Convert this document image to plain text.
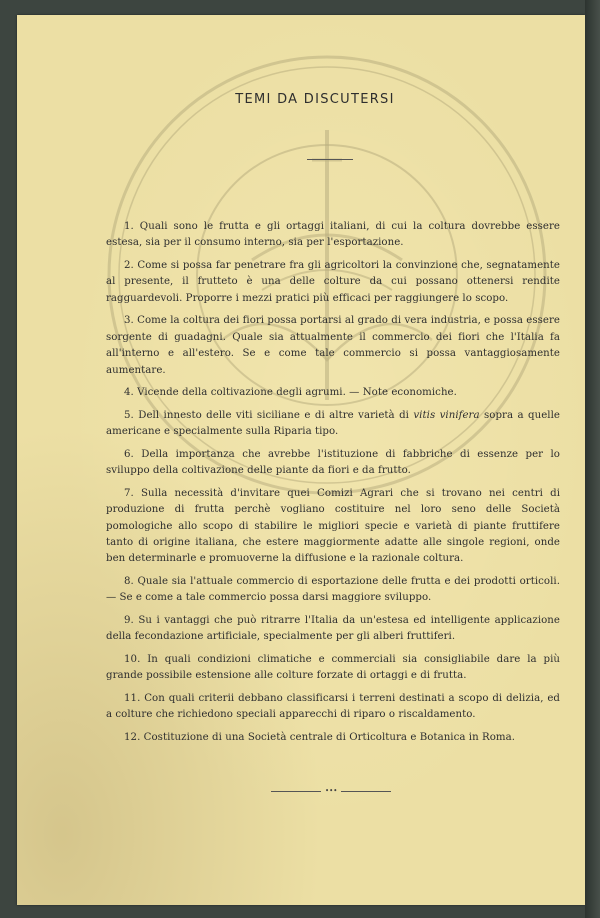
TEMI DA DISCUTERSI
1. Quali sono le frutta e gli ortaggi italiani, di cui la coltura dovrebbe essere estesa, sia per il consumo interno, sia per l'esportazione.
2. Come si possa far penetrare fra gli agricoltori la convinzione che, segnatamente al presente, il frutteto è una delle colture da cui possano ottenersi rendite ragguardevoli. Proporre i mezzi pratici più efficaci per raggiungere lo scopo.
3. Come la coltura dei fiori possa portarsi al grado di vera industria, e possa essere sorgente di guadagni. Quale sia attualmente il commercio dei fiori che l'Italia fa all'interno e all'estero. Se e come tale commercio si possa vantaggiosamente aumentare.
4. Vicende della coltivazione degli agrumi. — Note economiche.
5. Dell innesto delle viti siciliane e di altre varietà di vitis vinifera sopra a quelle americane e specialmente sulla Riparia tipo.
6. Della importanza che avrebbe l'istituzione di fabbriche di essenze per lo sviluppo della coltivazione delle piante da fiori e da frutto.
7. Sulla necessità d'invitare quei Comizi Agrari che si trovano nei centri di produzione di frutta perchè vogliano costituire nel loro seno delle Società pomologiche allo scopo di stabilire le migliori specie e varietà di piante fruttifere tanto di origine italiana, che estere maggiormente adatte alle singole regioni, onde ben determinarle e promuoverne la diffusione e la razionale coltura.
8. Quale sia l'attuale commercio di esportazione delle frutta e dei prodotti orticoli. — Se e come a tale commercio possa darsi maggiore sviluppo.
9. Su i vantaggi che può ritrarre l'Italia da un'estesa ed intelligente applicazione della fecondazione artificiale, specialmente per gli alberi fruttiferi.
10. In quali condizioni climatiche e commerciali sia consigliabile dare la più grande possibile estensione alle colture forzate di ortaggi e di frutta.
11. Con quali criterii debbano classificarsi i terreni destinati a scopo di delizia, ed a colture che richiedono speciali apparecchi di riparo o riscaldamento.
12. Costituzione di una Società centrale di Orticoltura e Botanica in Roma.
•••
